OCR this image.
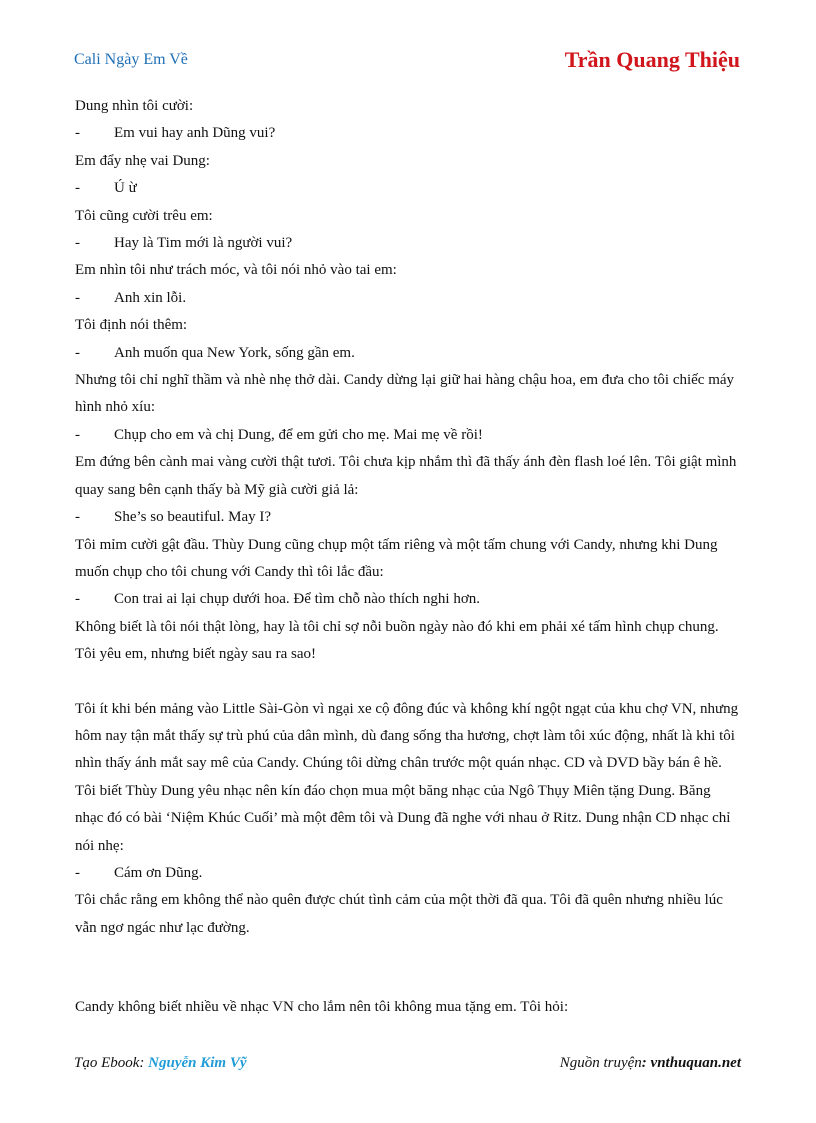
Cali Ngày Em Về	Trần Quang Thiệu

Dung nhìn tôi cười:

-	Em vui hay anh Dũng vui?

Em đẩy nhẹ vai Dung:

-	Ú ừ

Tôi cũng cười trêu em:

-	Hay là Tim mới là người vui?

Em nhìn tôi như trách móc, và tôi nói nhỏ vào tai em:

-	Anh xin lỗi.

Tôi định nói thêm:

-	Anh muốn qua New York, sống gần em.

Nhưng tôi chỉ nghĩ thầm và nhè nhẹ thở dài. Candy dừng lại giữ hai hàng chậu hoa, em đưa cho tôi chiếc máy hình nhỏ xíu:

-	Chụp cho em và chị Dung, để em gửi cho mẹ. Mai mẹ về rồi!

Em đứng bên cành mai vàng cười thật tươi. Tôi chưa kịp nhắm thì đã thấy ánh đèn flash loé lên. Tôi giật mình quay sang bên cạnh thấy bà Mỹ già cười giả lả:

-	She’s so beautiful. May I?

Tôi mỉm cười gật đầu. Thùy Dung cũng chụp một tấm riêng và một tấm chung với Candy, nhưng khi Dung muốn chụp cho tôi chung với Candy thì tôi lắc đầu:

-	Con trai ai lại chụp dưới hoa. Để tìm chỗ nào thích nghi hơn.

Không biết là tôi nói thật lòng, hay là tôi chỉ sợ nỗi buồn ngày nào đó khi em phải xé tấm hình chụp chung. Tôi yêu em, nhưng biết ngày sau ra sao!

Tôi ít khi bén mảng vào Little Sài-Gòn vì ngại xe cộ đông đúc và không khí ngột ngạt của khu chợ VN, nhưng hôm nay tận mắt thấy sự trù phú của dân mình, dù đang sống tha hương, chợt làm tôi xúc động, nhất là khi tôi nhìn thấy ánh mắt say mê của Candy. Chúng tôi dừng chân trước một quán nhạc. CD và DVD bầy bán ê hề. Tôi biết Thùy Dung yêu nhạc nên kín đáo chọn mua một băng nhạc của Ngô Thụy Miên tặng Dung. Băng nhạc đó có bài ‘Niệm Khúc Cuối’ mà một đêm tôi và Dung đã nghe với nhau ở Ritz. Dung nhận CD nhạc chỉ nói nhẹ:

-	Cám ơn Dũng.

Tôi chắc rằng em không thể nào quên được chút tình cảm của một thời đã qua. Tôi đã quên nhưng nhiều lúc vẫn ngơ ngác như lạc đường.

Candy không biết nhiều về nhạc VN cho lắm nên tôi không mua tặng em. Tôi hỏi:

Tạo Ebook: Nguyễn Kim Vỹ	Nguồn truyện: vnthuquan.net
